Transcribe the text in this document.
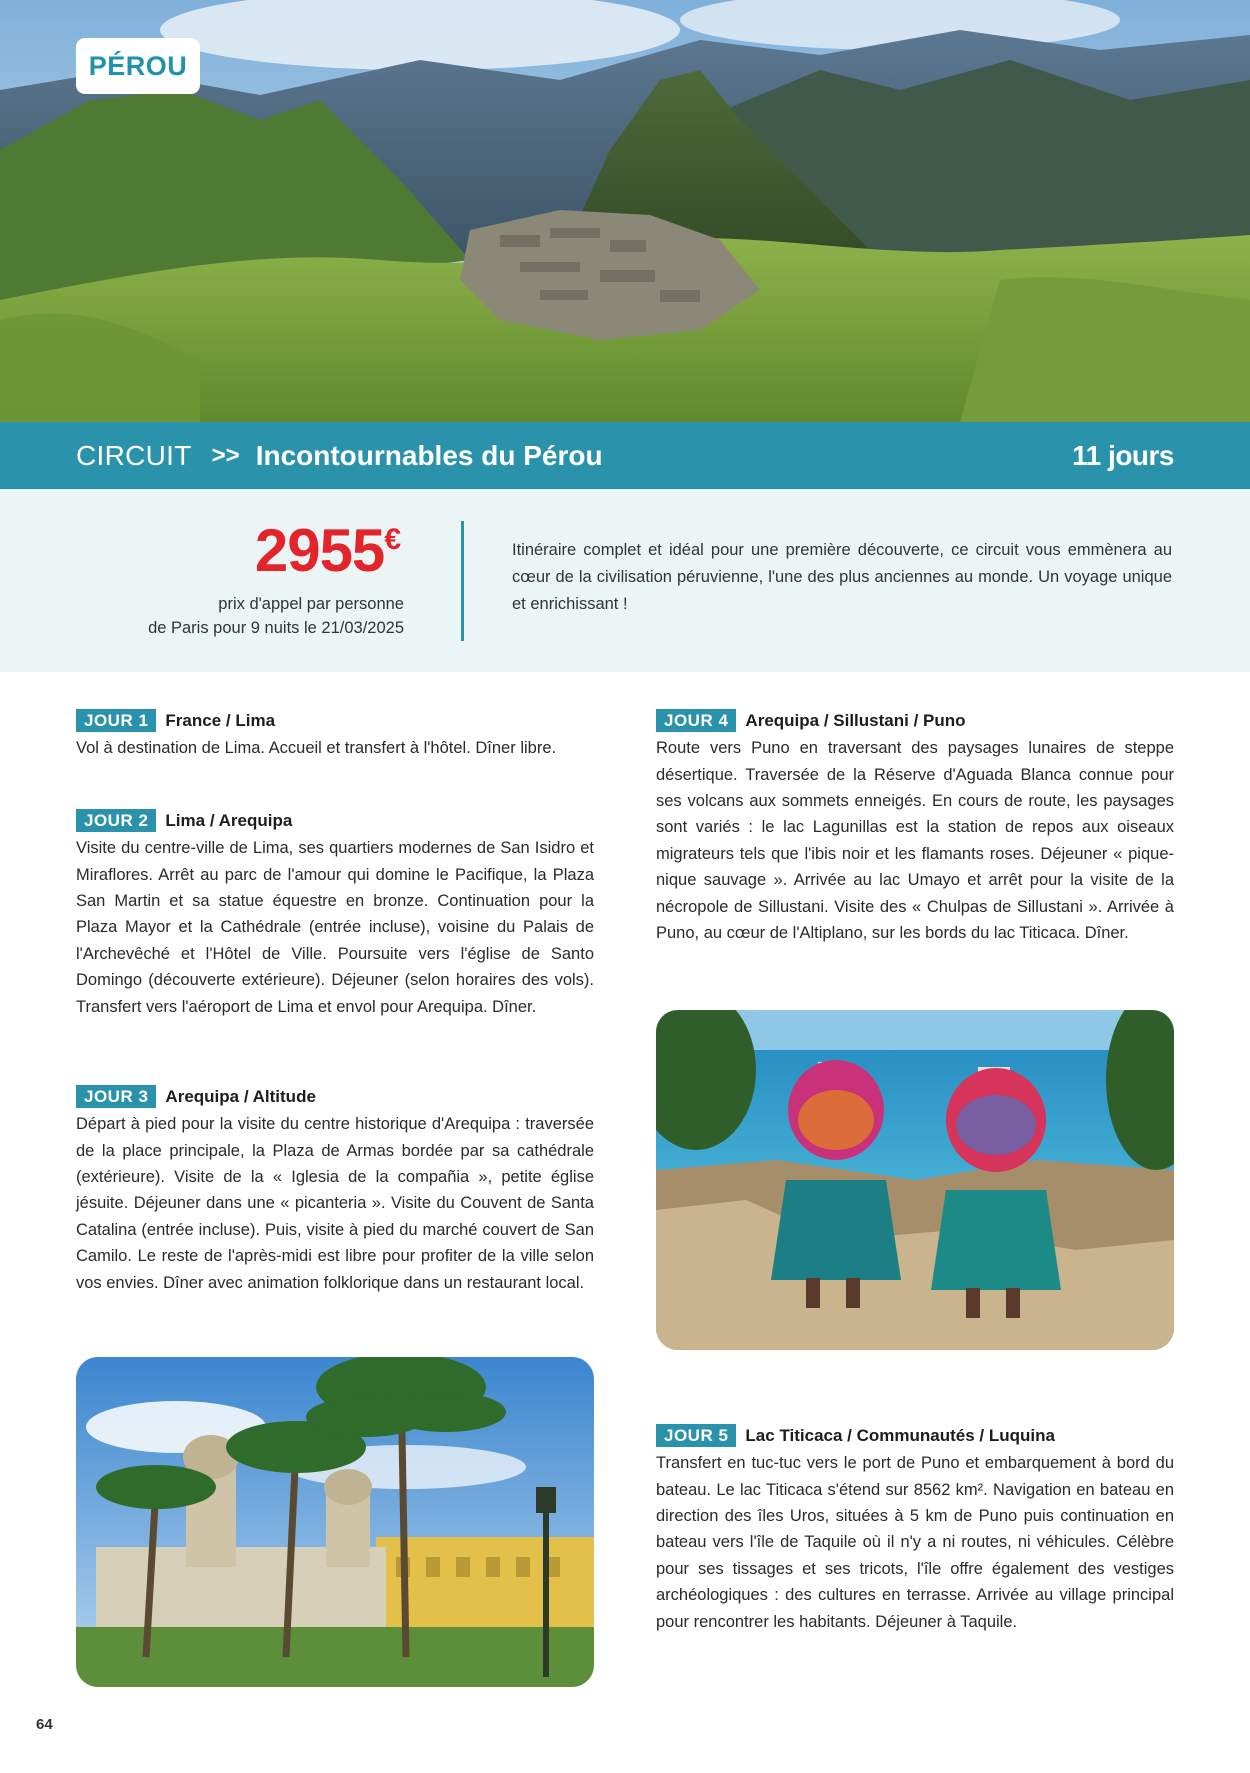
PÉROU
CIRCUIT >> Incontournables du Pérou	11 jours
2955€
prix d'appel par personne
de Paris pour 9 nuits le 21/03/2025
Itinéraire complet et idéal pour une première découverte, ce circuit vous emmènera au cœur de la civilisation péruvienne, l'une des plus anciennes au monde. Un voyage unique et enrichissant !
JOUR 1	France / Lima
Vol à destination de Lima. Accueil et transfert à l'hôtel. Dîner libre.
JOUR 2	Lima / Arequipa
Visite du centre-ville de Lima, ses quartiers modernes de San Isidro et Miraflores. Arrêt au parc de l'amour qui domine le Pacifique, la Plaza San Martin et sa statue équestre en bronze. Continuation pour la Plaza Mayor et la Cathédrale (entrée incluse), voisine du Palais de l'Archevêché et l'Hôtel de Ville. Poursuite vers l'église de Santo Domingo (découverte extérieure). Déjeuner (selon horaires des vols). Transfert vers l'aéroport de Lima et envol pour Arequipa. Dîner.
JOUR 3	Arequipa / Altitude
Départ à pied pour la visite du centre historique d'Arequipa : traversée de la place principale, la Plaza de Armas bordée par sa cathédrale (extérieure). Visite de la « Iglesia de la compañia », petite église jésuite. Déjeuner dans une « picanteria ». Visite du Couvent de Santa Catalina (entrée incluse). Puis, visite à pied du marché couvert de San Camilo. Le reste de l'après-midi est libre pour profiter de la ville selon vos envies. Dîner avec animation folklorique dans un restaurant local.
JOUR 4	Arequipa / Sillustani / Puno
Route vers Puno en traversant des paysages lunaires de steppe désertique. Traversée de la Réserve d'Aguada Blanca connue pour ses volcans aux sommets enneigés. En cours de route, les paysages sont variés : le lac Lagunillas est la station de repos aux oiseaux migrateurs tels que l'ibis noir et les flamants roses. Déjeuner « pique-nique sauvage ». Arrivée au lac Umayo et arrêt pour la visite de la nécropole de Sillustani. Visite des « Chulpas de Sillustani ». Arrivée à Puno, au cœur de l'Altiplano, sur les bords du lac Titicaca. Dîner.
JOUR 5	Lac Titicaca / Communautés / Luquina
Transfert en tuc-tuc vers le port de Puno et embarquement à bord du bateau. Le lac Titicaca s'étend sur 8562 km². Navigation en bateau en direction des îles Uros, situées à 5 km de Puno puis continuation en bateau vers l'île de Taquile où il n'y a ni routes, ni véhicules. Célèbre pour ses tissages et ses tricots, l'île offre également des vestiges archéologiques : des cultures en terrasse. Arrivée au village principal pour rencontrer les habitants. Déjeuner à Taquile.
64
